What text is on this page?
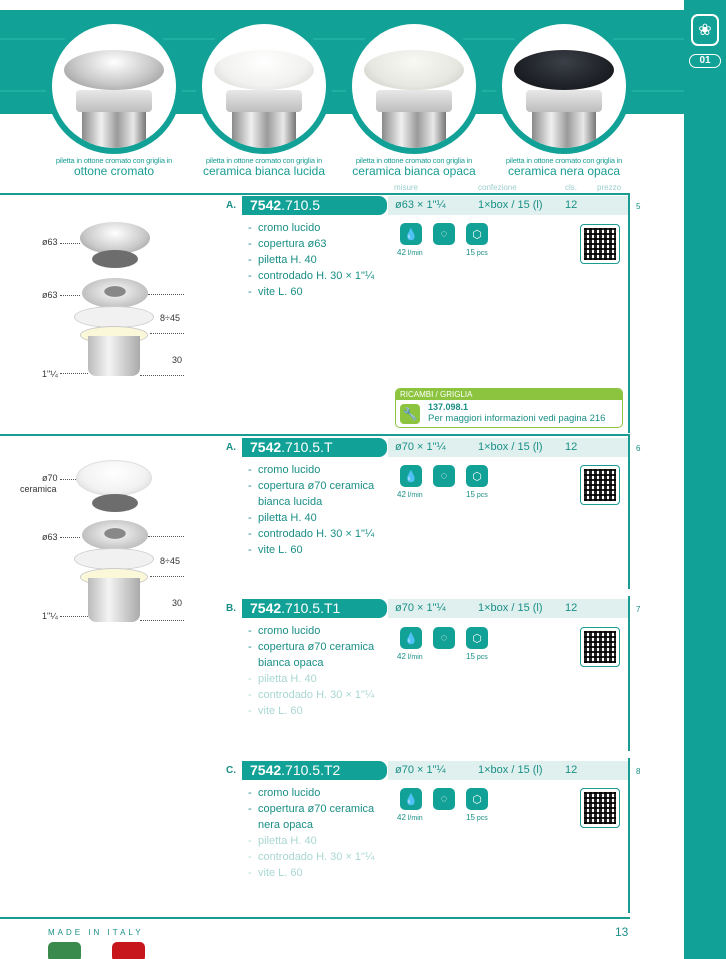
❀
01
piletta in ottone cromato con griglia in
ottone cromato
piletta in ottone cromato con griglia in
ceramica bianca lucida
piletta in ottone cromato con griglia in
ceramica bianca opaca
piletta in ottone cromato con griglia in
ceramica nera opaca
misure	confezione	cls.	prezzo
A.	7542.710.5	ø63 × 1"¼	1×box / 15 (l) 12	5
- cromo lucido
- copertura ø63
- piletta H. 40
- controdado H. 30 × 1"¼
- vite L. 60
💧	◌	⬡
42 l/min	15 pcs
RICAMBI / GRIGLIA
🔧 137.098.1
Per maggiori informazioni vedi pagina 216
ø63
ø63
8÷45
30
1"¼
A.	7542.710.5.T	ø70 × 1"¼	1×box / 15 (l) 12	6
- cromo lucido
- copertura ø70 ceramica
bianca lucida
- piletta H. 40
- controdado H. 30 × 1"¼
- vite L. 60
💧	◌	⬡
42 l/min	15 pcs
ø70
ceramica
ø63
8÷45
30
1"¼
B.	7542.710.5.T1	ø70 × 1"¼	1×box / 15 (l) 12	7
- cromo lucido
- copertura ø70 ceramica
bianca opaca
- piletta H. 40
- controdado H. 30 × 1"¼
- vite L. 60
💧	◌	⬡
42 l/min	15 pcs
C.	7542.710.5.T2	ø70 × 1"¼	1×box / 15 (l) 12	8
- cromo lucido
- copertura ø70 ceramica
nera opaca
- piletta H. 40
- controdado H. 30 × 1"¼
- vite L. 60
💧	◌	⬡
42 l/min	15 pcs
MADE IN ITALY	13
